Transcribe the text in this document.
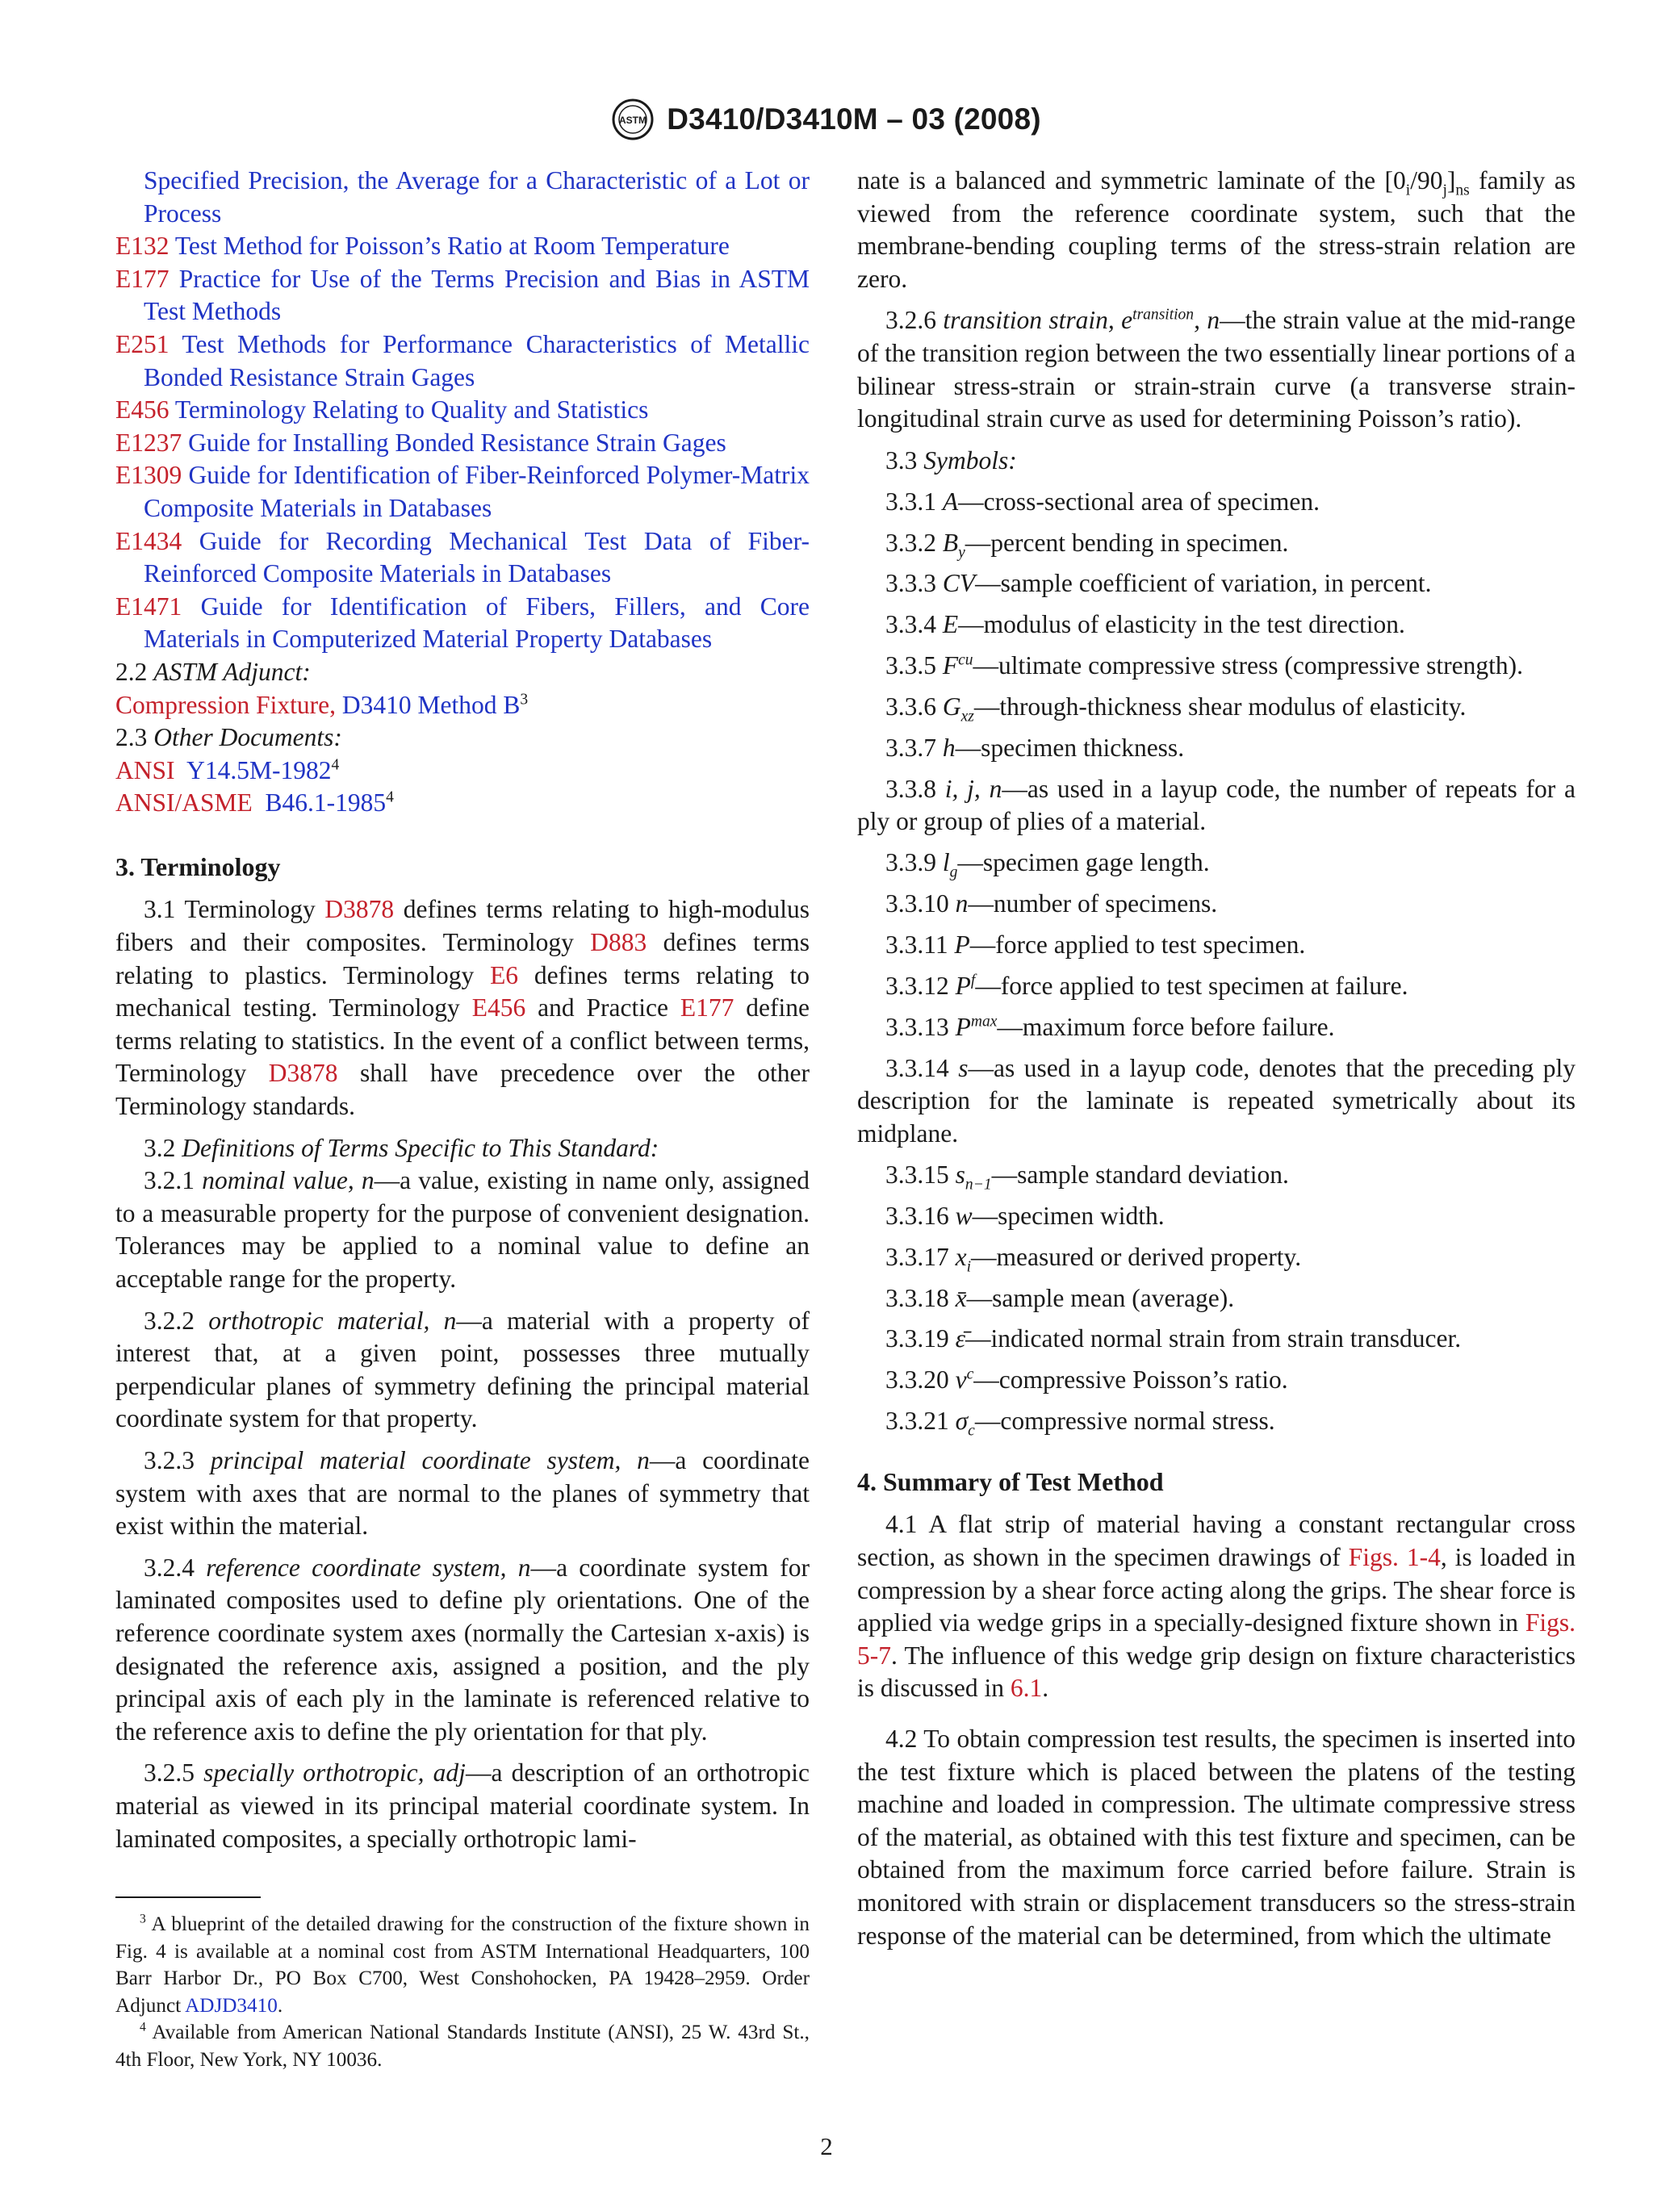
ASTM D3410/D3410M – 03 (2008)

Specified Precision, the Average for a Characteristic of a Lot or Process

E132 Test Method for Poisson’s Ratio at Room Temperature

E177 Practice for Use of the Terms Precision and Bias in ASTM Test Methods

E251 Test Methods for Performance Characteristics of Metallic Bonded Resistance Strain Gages

E456 Terminology Relating to Quality and Statistics

E1237 Guide for Installing Bonded Resistance Strain Gages

E1309 Guide for Identification of Fiber-Reinforced Polymer-Matrix Composite Materials in Databases

E1434 Guide for Recording Mechanical Test Data of Fiber-Reinforced Composite Materials in Databases

E1471 Guide for Identification of Fibers, Fillers, and Core Materials in Computerized Material Property Databases

2.2 ASTM Adjunct:

Compression Fixture, D3410 Method $B^3$

2.3 Other Documents:

ANSI Y14.5M-1982$^4$

ANSI/ASME B46.1-1985$^4$

3. Terminology

3.1 Terminology D3878 defines terms relating to high-modulus fibers and their composites. Terminology D883 defines terms relating to plastics. Terminology E6 defines terms relating to mechanical testing. Terminology E456 and Practice E177 define terms relating to statistics. In the event of a conflict between terms, Terminology D3878 shall have precedence over the other Terminology standards.

3.2 Definitions of Terms Specific to This Standard:

3.2.1 nominal value, n—a value, existing in name only, assigned to a measurable property for the purpose of convenient designation. Tolerances may be applied to a nominal value to define an acceptable range for the property.

3.2.2 orthotropic material, n—a material with a property of interest that, at a given point, possesses three mutually perpendicular planes of symmetry defining the principal material coordinate system for that property.

3.2.3 principal material coordinate system, n—a coordinate system with axes that are normal to the planes of symmetry that exist within the material.

3.2.4 reference coordinate system, n—a coordinate system for laminated composites used to define ply orientations. One of the reference coordinate system axes (normally the Cartesian x-axis) is designated the reference axis, assigned a position, and the ply principal axis of each ply in the laminate is referenced relative to the reference axis to define the ply orientation for that ply.

3.2.5 specially orthotropic, adj—a description of an orthotropic material as viewed in its principal material coordinate system. In laminated composites, a specially orthotropic lami-

$^3$ A blueprint of the detailed drawing for the construction of the fixture shown in Fig. 4 is available at a nominal cost from ASTM International Headquarters, 100 Barr Harbor Dr., PO Box C700, West Conshohocken, PA 19428–2959. Order Adjunct ADJD3410.

$^4$ Available from American National Standards Institute (ANSI), 25 W. 43rd St., 4th Floor, New York, NY 10036.

nate is a balanced and symmetric laminate of the $[0_i/90_j]_{ns}$ family as viewed from the reference coordinate system, such that the membrane-bending coupling terms of the stress-strain relation are zero.

3.2.6 transition strain, $e^{transition}$, n—the strain value at the mid-range of the transition region between the two essentially linear portions of a bilinear stress-strain or strain-strain curve (a transverse strain-longitudinal strain curve as used for determining Poisson’s ratio).

3.3 Symbols:

3.3.1 A—cross-sectional area of specimen.

3.3.2 $B_y—percent$ bending in specimen.

3.3.3 CV—sample coefficient of variation, in percent.

3.3.4 E—modulus of elasticity in the test direction.

3.3.5 $F^{cu}—ultimate$ compressive stress (compressive strength).

3.3.6 $G_{xz}—through$-thickness shear modulus of elasticity.

3.3.7 h—specimen thickness.

3.3.8 i, j, n—as used in a layup code, the number of repeats for a ply or group of plies of a material.

3.3.9 $l_g—specimen$ gage length.

3.3.10 n—number of specimens.

3.3.11 P—force applied to test specimen.

3.3.12 $P^f—force$ applied to test specimen at failure.

3.3.13 $P^{max}—maximum$ force before failure.

3.3.14 s—as used in a layup code, denotes that the preceding ply description for the laminate is repeated symetrically about its midplane.

3.3.15 $s_{n-1}—sample$ standard deviation.

3.3.16 w—specimen width.

3.3.17 $x_i—measured$ or derived property.

3.3.18 x̄—sample mean (average).

3.3.19 ε̄—indicated normal strain from strain transducer.

3.3.20 $\nu^c—compressive$ Poisson’s ratio.

3.3.21 $\sigma_c—compressive$ normal stress.

4. Summary of Test Method

4.1 A flat strip of material having a constant rectangular cross section, as shown in the specimen drawings of Figs. 1-4, is loaded in compression by a shear force acting along the grips. The shear force is applied via wedge grips in a specially-designed fixture shown in Figs. 5-7. The influence of this wedge grip design on fixture characteristics is discussed in 6.1.

4.2 To obtain compression test results, the specimen is inserted into the test fixture which is placed between the platens of the testing machine and loaded in compression. The ultimate compressive stress of the material, as obtained with this test fixture and specimen, can be obtained from the maximum force carried before failure. Strain is monitored with strain or displacement transducers so the stress-strain response of the material can be determined, from which the ultimate

2
